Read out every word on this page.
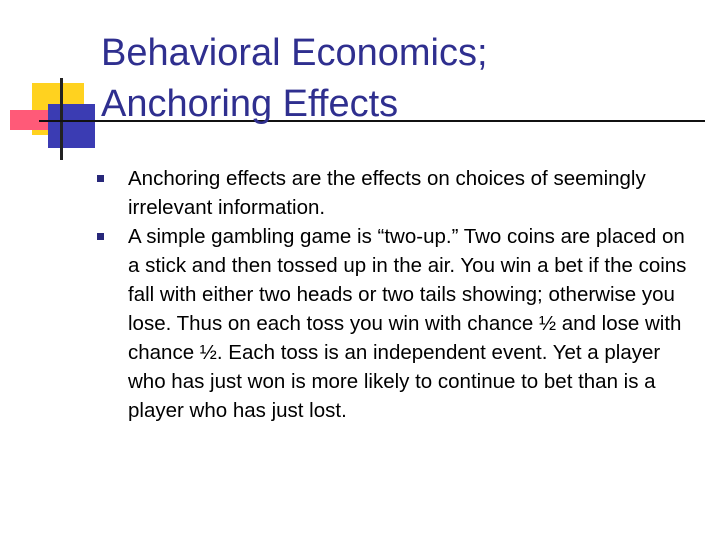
Behavioral Economics;
Anchoring Effects
Anchoring effects are the effects on choices of seemingly irrelevant information.
A simple gambling game is “two-up.” Two coins are placed on a stick and then tossed up in the air. You win a bet if the coins fall with either two heads or two tails showing; otherwise you lose. Thus on each toss you win with chance ½ and lose with chance ½. Each toss is an independent event. Yet a player who has just won is more likely to continue to bet than is a player who has just lost.
